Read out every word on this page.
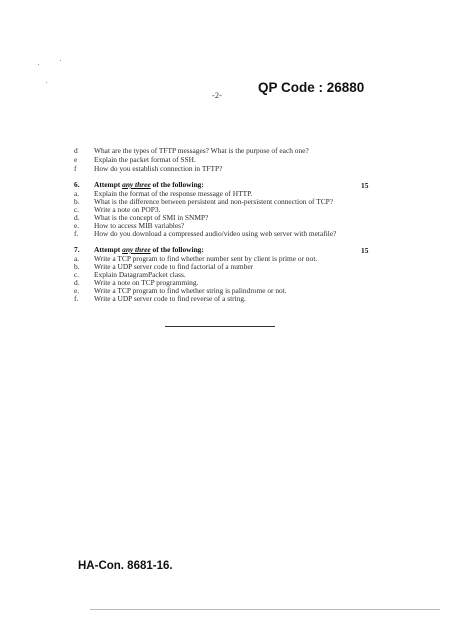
-2-	QP Code : 26880
d What are the types of TFTP messages? What is the purpose of each one?
e Explain the packet format of SSH.
f How do you establish connection in TFTP?
6. Attempt any three of the following:	15
a. Explain the format of the response message of HTTP.
b. What is the difference between persistent and non-persistent connection of TCP?
c. Write a note on POP3.
d. What is the concept of SMI in SNMP?
e. How to access MIB variables?
f. How do you download a compressed audio/video using web server with metafile?
7. Attempt any three of the following:	15
a. Write a TCP program to find whether number sent by client is prime or not.
b. Write a UDP server code to find factorial of a number
c. Explain DatagramPacket class.
d. Write a note on TCP programming.
e. Write a TCP program to find whether string is palindrome or not.
f. Write a UDP server code to find reverse of a string.
HA-Con. 8681-16.
